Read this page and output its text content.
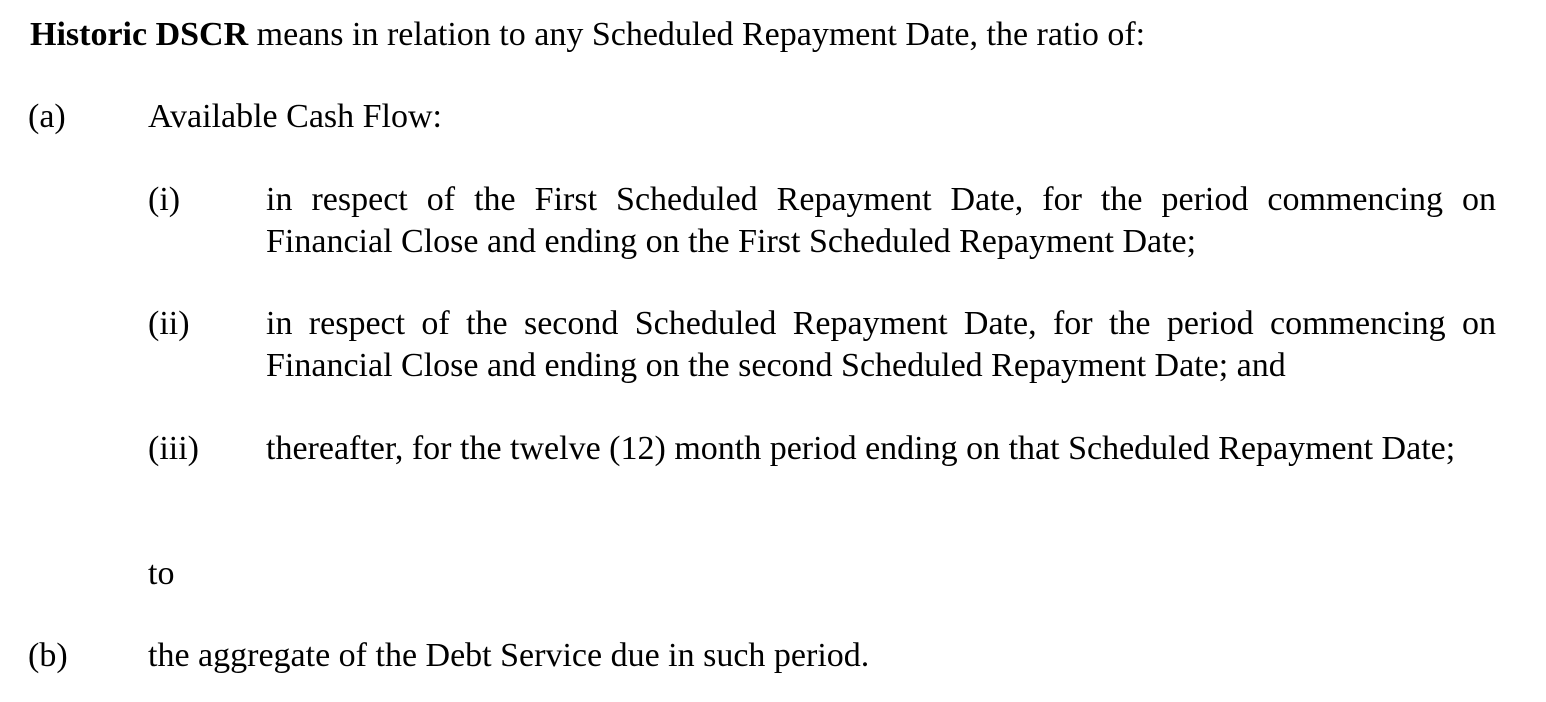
Historic DSCR means in relation to any Scheduled Repayment Date, the ratio of:
(a) Available Cash Flow:
(i)	in respect of the First Scheduled Repayment Date, for the period commencing on Financial Close and ending on the First Scheduled Repayment Date;
(ii) in respect of the second Scheduled Repayment Date, for the period commencing on Financial Close and ending on the second Scheduled Repayment Date; and
(iii) thereafter, for the twelve (12) month period ending on that Scheduled Repayment Date;
to
(b) the aggregate of the Debt Service due in such period.
